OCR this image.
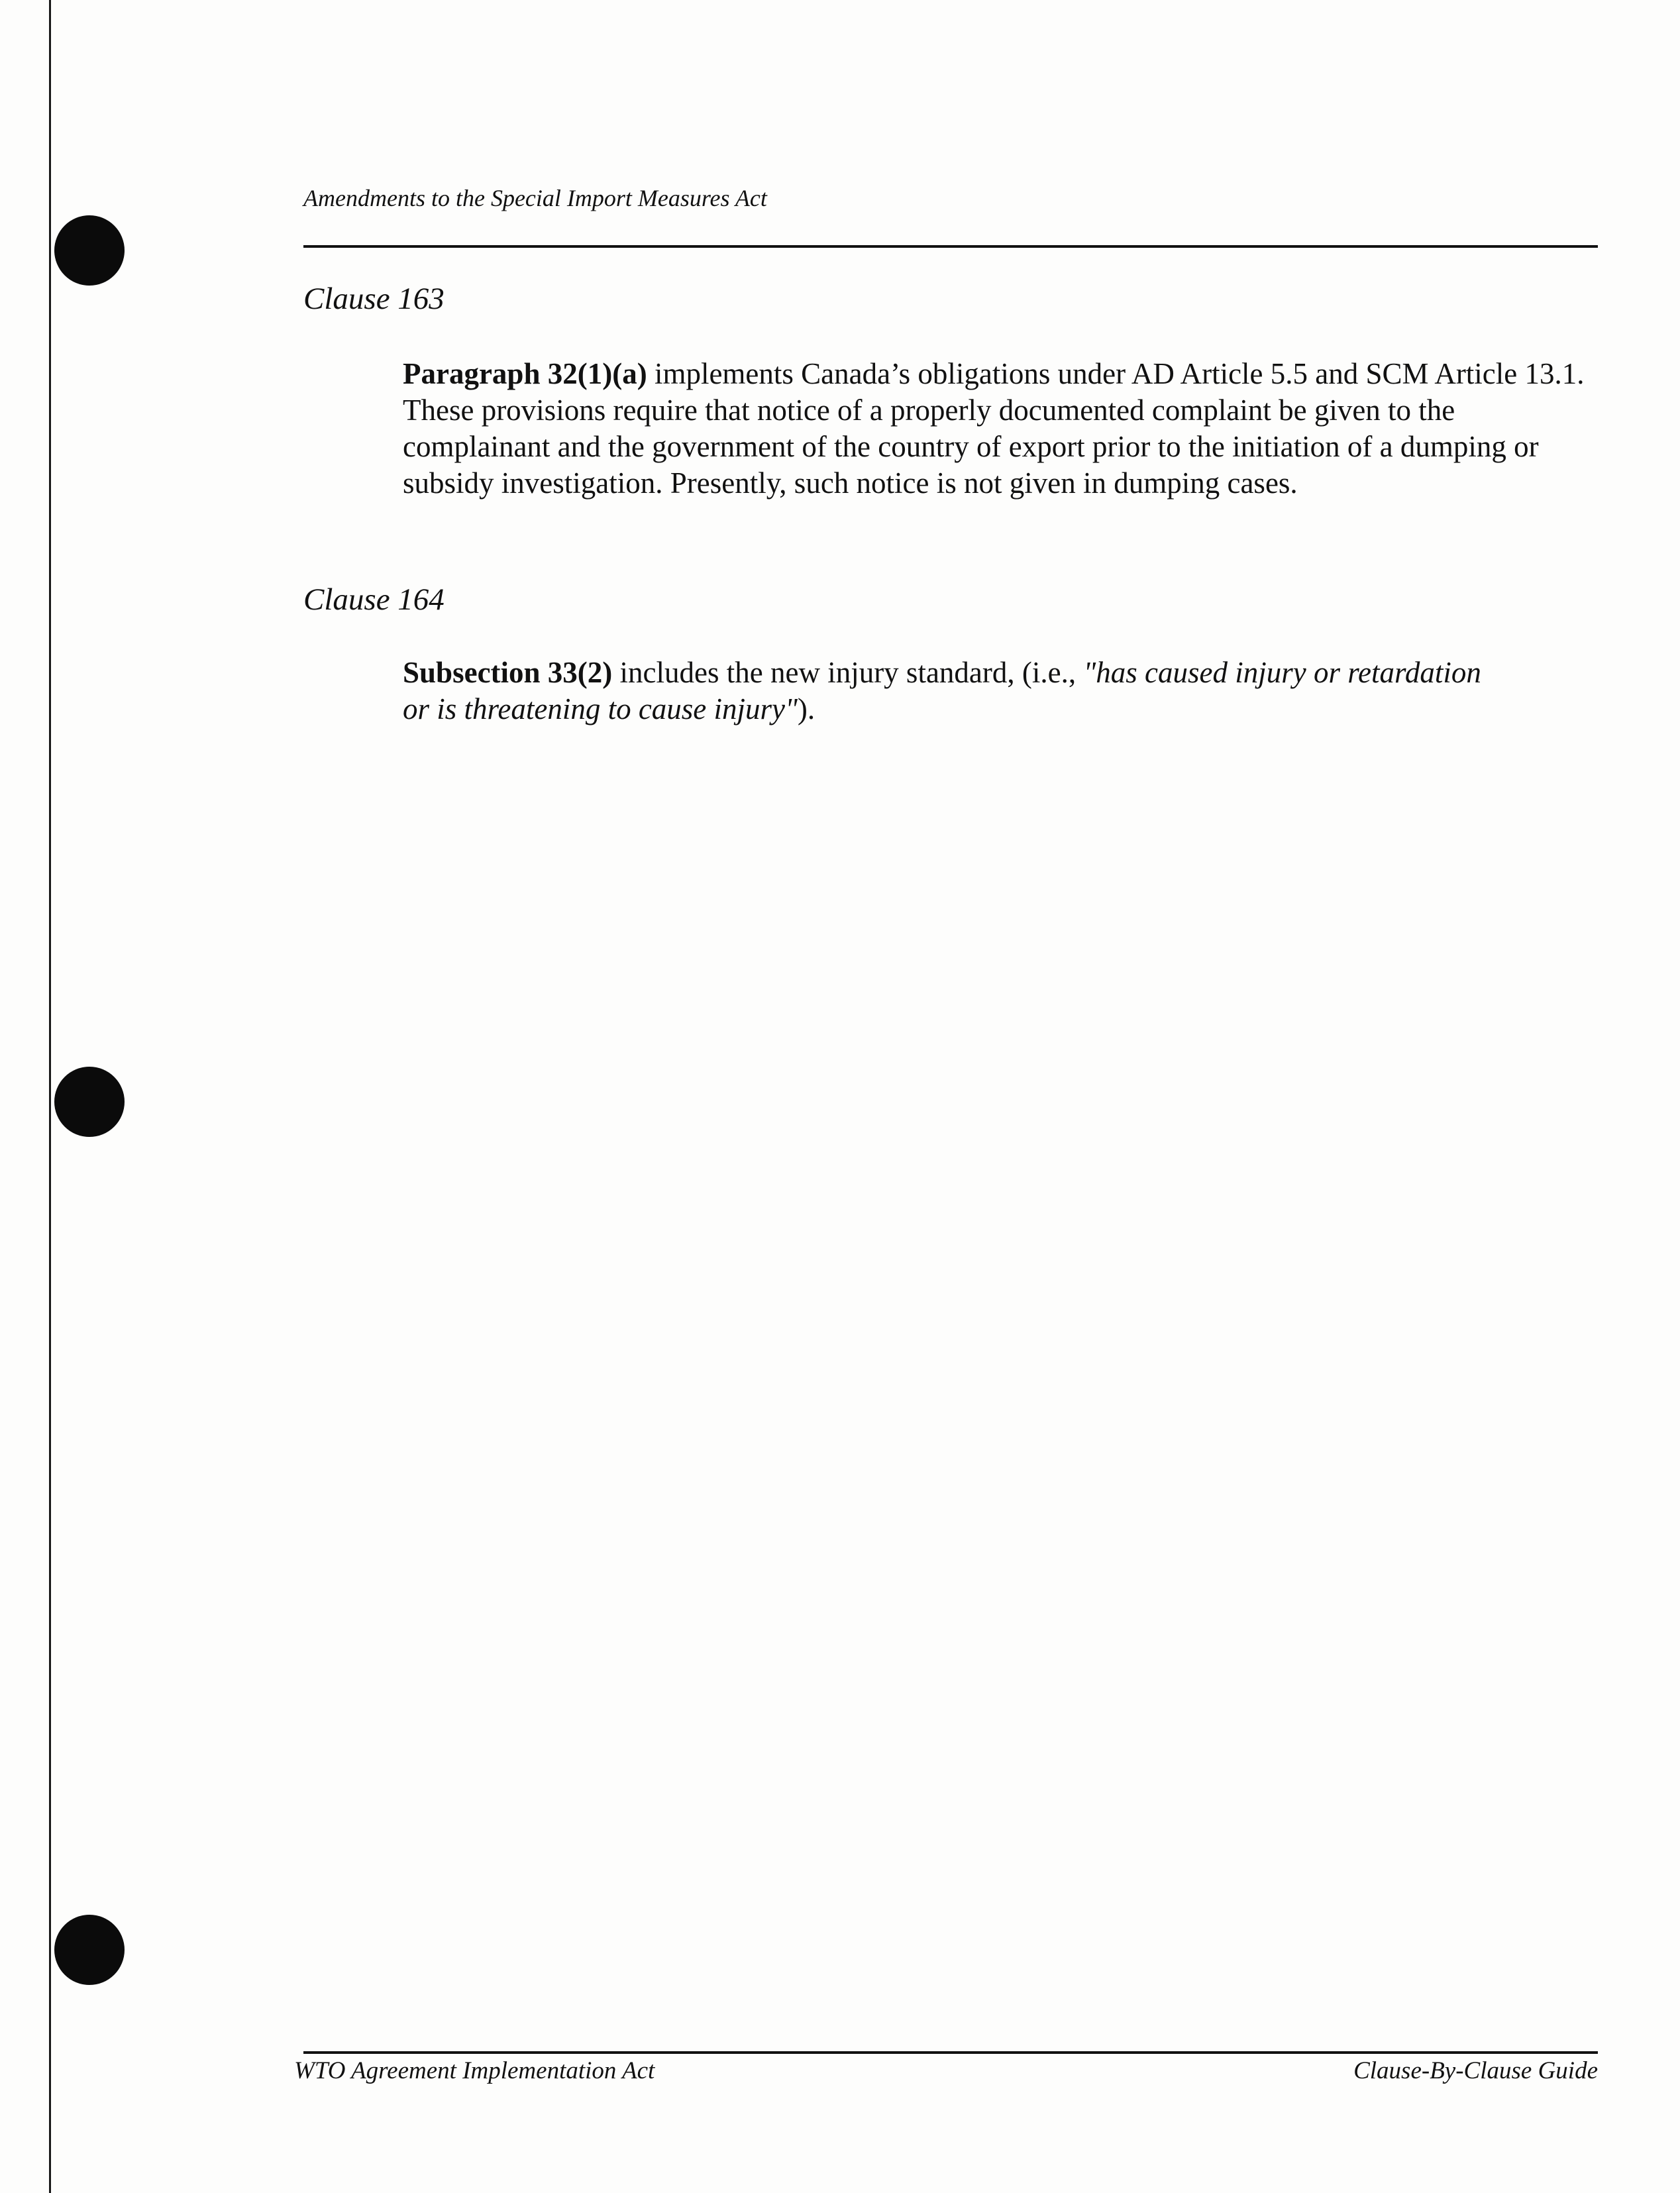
Amendments to the Special Import Measures Act
Clause 163
Paragraph 32(1)(a) implements Canada’s obligations under AD Article 5.5 and SCM Article 13.1. These provisions require that notice of a properly documented complaint be given to the complainant and the government of the country of export prior to the initiation of a dumping or subsidy investigation. Presently, such notice is not given in dumping cases.
Clause 164
Subsection 33(2) includes the new injury standard, (i.e., "has caused injury or retardation or is threatening to cause injury").
WTO Agreement Implementation Act	Clause-By-Clause Guide
